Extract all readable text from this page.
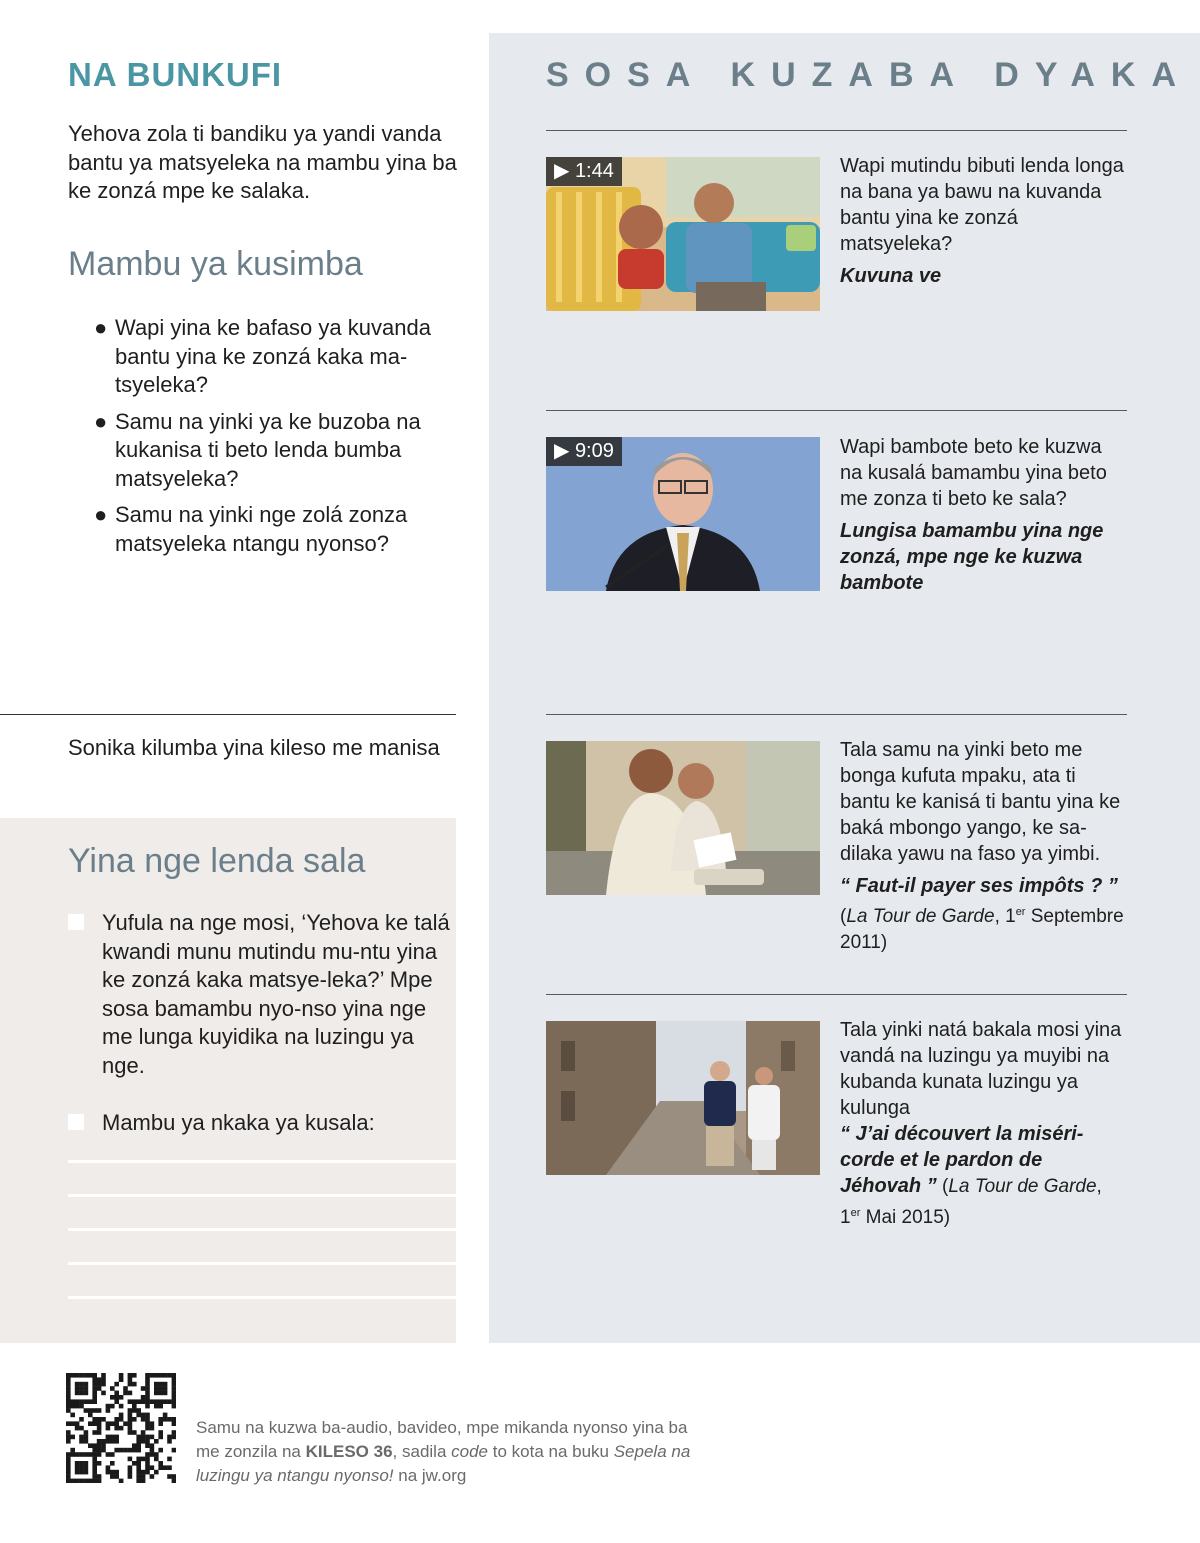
NA BUNKUFI
Yehova zola ti bandiku ya yandi vanda bantu ya matsyeleka na mambu yina ba ke zonzá mpe ke salaka.
Mambu ya kusimba
● Wapi yina ke bafaso ya kuvanda bantu yina ke zonzá kaka ma-tsyeleka?
● Samu na yinki ya ke buzoba na kukanisa ti beto lenda bumba matsyeleka?
● Samu na yinki nge zolá zonza matsyeleka ntangu nyonso?
Sonika kilumba yina kileso me manisa
Yina nge lenda sala
Yufula na nge mosi, ‘Yehova ke talá kwandi munu mutindu mu-ntu yina ke zonzá kaka matsye-leka?’ Mpe sosa bamambu nyo-nso yina nge me lunga kuyidika na luzingu ya nge.
Mambu ya nkaka ya kusala:
SOSA KUZABA DYAKA
▶ 1:44	Wapi mutindu bibuti lenda longa na bana ya bawu na kuvanda bantu yina ke zonzá matsyeleka?
Kuvuna ve
▶ 9:09	Wapi bambote beto ke kuzwa na kusalá bamambu yina beto me zonza ti beto ke sala?
Lungisa bamambu yina nge zonzá, mpe nge ke kuzwa bambote
Tala samu na yinki beto me bonga kufuta mpaku, ata ti bantu ke kanisá ti bantu yina ke baká mbongo yango, ke sa-dilaka yawu na faso ya yimbi.
“ Faut-il payer ses impôts ? ”
(La Tour de Garde, 1er Septembre 2011)
Tala yinki natá bakala mosi yina vandá na luzingu ya muyibi na kubanda kunata luzingu ya kulunga
“ J’ai découvert la miséri-corde et le pardon de Jéhovah ” (La Tour de Garde, 1er Mai 2015)
Samu na kuzwa ba-audio, bavideo, mpe mikanda nyonso yina ba me zonzila na KILESO 36, sadila code to kota na buku Sepela na luzingu ya ntangu nyonso! na jw.org
